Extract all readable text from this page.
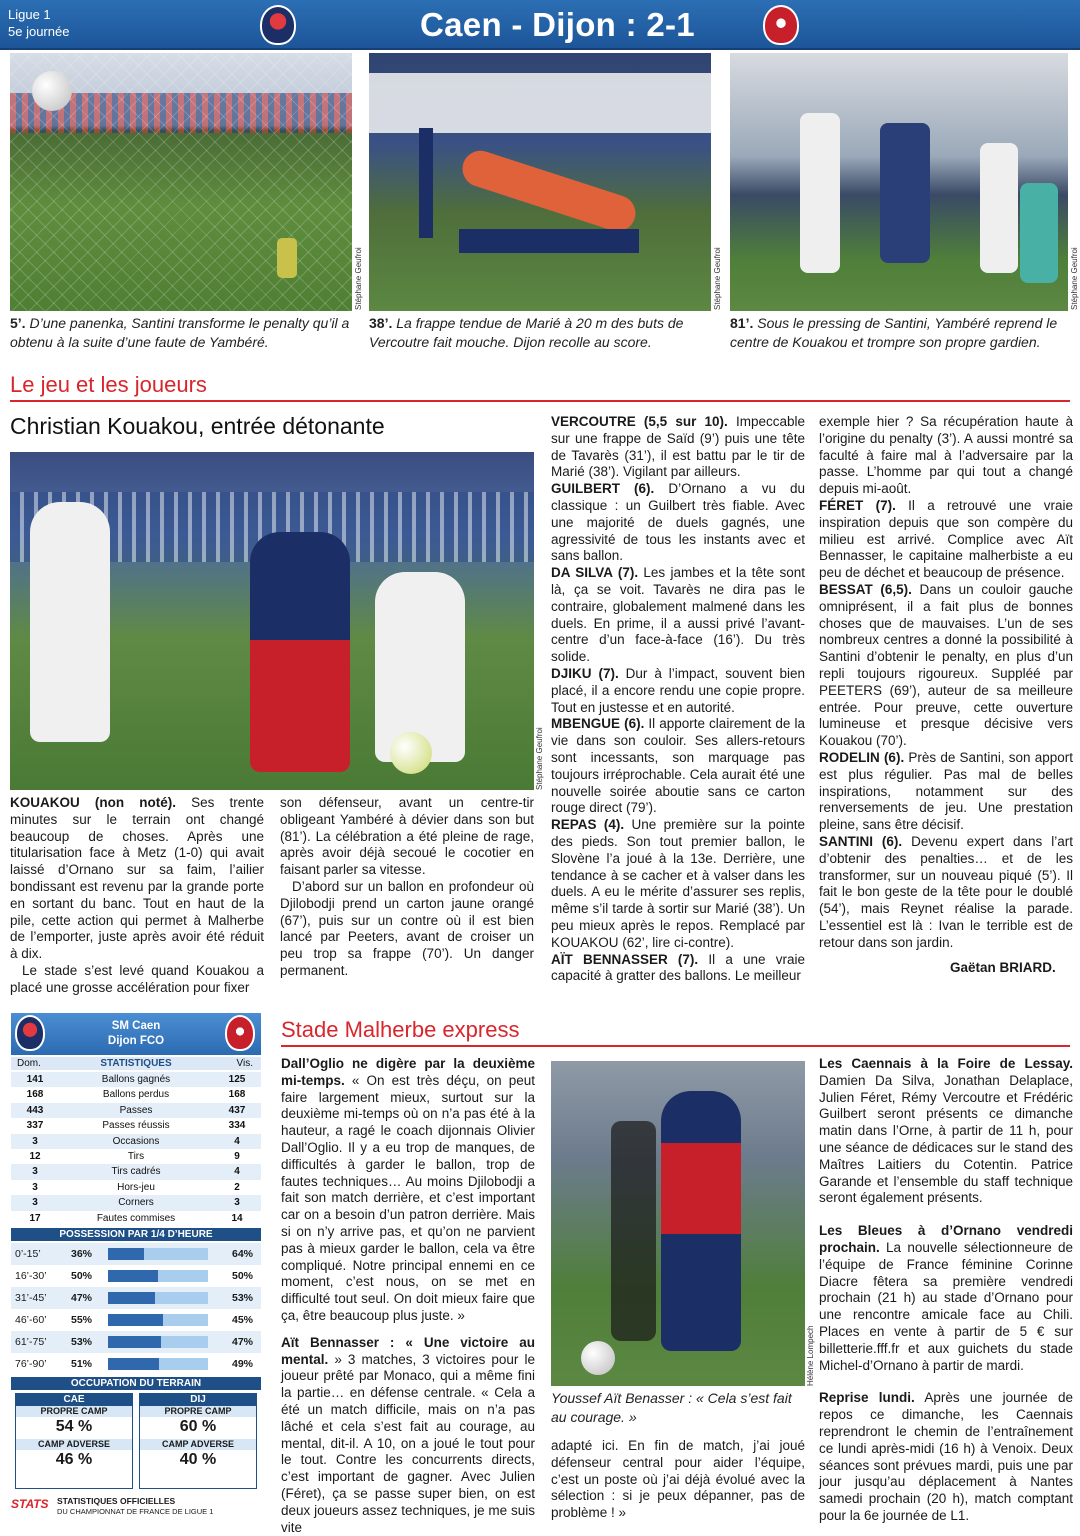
Ligue 1
5e journée	Caen - Dijon : 2-1
Stéphane Geufroi	Stéphane Geufroi	Stéphane Geufroi
5’. D’une panenka, Santini transforme le penalty qu’il a obtenu à la suite d’une faute de Yambéré.
38’. La frappe tendue de Marié à 20 m des buts de Vercoutre fait mouche. Dijon recolle au score.
81’. Sous le pressing de Santini, Yambéré reprend le centre de Kouakou et trompre son propre gardien.
Le jeu et les joueurs
Christian Kouakou, entrée détonante
Stéphane Geufroi

KOUAKOU (non noté). Ses trente minutes sur le terrain ont changé beaucoup de choses. Après une titularisation face à Metz (1-0) qui avait laissé d’Ornano sur sa faim, l’ailier bondissant est revenu par la grande porte en sortant du banc. Tout en haut de la pile, cette action qui permet à Malherbe de l’emporter, juste après avoir été réduit à dix.

Le stade s’est levé quand Kouakou a placé une grosse accélération pour fixer

son défenseur, avant un centre-tir obligeant Yambéré à dévier dans son but (81’). La célébration a été pleine de rage, après avoir déjà secoué le cocotier en faisant parler sa vitesse.

D’abord sur un ballon en profondeur où Djilobodji prend un carton jaune orangé (67’), puis sur un contre où il est bien lancé par Peeters, avant de croiser un peu trop sa frappe (70’). Un danger permanent.

VERCOUTRE (5,5 sur 10). Impeccable sur une frappe de Saïd (9’) puis une tête de Tavarès (31’), il est battu par le tir de Marié (38’). Vigilant par ailleurs.

GUILBERT (6). D’Ornano a vu du classique : un Guilbert très fiable. Avec une majorité de duels gagnés, une agressivité de tous les instants avec et sans ballon.

DA SILVA (7). Les jambes et la tête sont là, ça se voit. Tavarès ne dira pas le contraire, globalement malmené dans les duels. En prime, il a aussi privé l’avant-centre d’un face-à-face (16’). Du très solide.

DJIKU (7). Dur à l’impact, souvent bien placé, il a encore rendu une copie propre. Tout en justesse et en autorité.

MBENGUE (6). Il apporte clairement de la vie dans son couloir. Ses allers-retours sont incessants, son marquage pas toujours irréprochable. Cela aurait été une nouvelle soirée aboutie sans ce carton rouge direct (79’).

REPAS (4). Une première sur la pointe des pieds. Son tout premier ballon, le Slovène l’a joué à la 13e. Derrière, une tendance à se cacher et à valser dans les duels. A eu le mérite d’assurer ses replis, même s’il tarde à sortir sur Marié (38’). Un peu mieux après le repos. Remplacé par KOUAKOU (62’, lire ci-contre).

AÏT BENNASSER (7). Il a une vraie capacité à gratter des ballons. Le meilleur

exemple hier ? Sa récupération haute à l’origine du penalty (3’). A aussi montré sa faculté à faire mal à l’adversaire par la passe. L’homme par qui tout a changé depuis mi-août.

FÉRET (7). Il a retrouvé une vraie inspiration depuis que son compère du milieu est arrivé. Complice avec Aït Bennasser, le capitaine malherbiste a eu peu de déchet et beaucoup de présence.

BESSAT (6,5). Dans un couloir gauche omniprésent, il a fait plus de bonnes choses que de mauvaises. L’un de ses nombreux centres a donné la possibilité à Santini d’obtenir le penalty, en plus d’un repli toujours rigoureux. Suppléé par PEETERS (69’), auteur de sa meilleure entrée. Pour preuve, cette ouverture lumineuse et presque décisive vers Kouakou (70’).

RODELIN (6). Près de Santini, son apport est plus régulier. Pas mal de belles inspirations, notamment sur des renversements de jeu. Une prestation pleine, sans être décisif.

SANTINI (6). Devenu expert dans l’art d’obtenir des penalties… et de les transformer, sur un nouveau piqué (5’). Il fait le bon geste de la tête pour le doublé (54’), mais Reynet réalise la parade. L’essentiel est là : Ivan le terrible est de retour dans son jardin.

Gaëtan BRIARD.
SM Caen
Dijon FCO
Dom.	STATISTIQUES	Vis.
141	Ballons gagnés	125
168	Ballons perdus	168
443	Passes	437
337	Passes réussis	334
3	Occasions	4
12	Tirs	9
3	Tirs cadrés	4
3	Hors-jeu	2
3	Corners	3
17	Fautes commises	14
POSSESSION PAR 1/4 D’HEURE
0’-15’	36%	64%
16’-30’ 50%	50%
31’-45’ 47%	53%
46’-60’ 55%	45%
61’-75’ 53%	47%
76’-90’ 51%	49%
OCCUPATION DU TERRAIN
CAE
PROPRE CAMP
54 %
CAMP ADVERSE
46 %
DIJ
PROPRE CAMP
60 %
CAMP ADVERSE
40 %
STATS STATISTIQUES OFFICIELLES
DU CHAMPIONNAT DE FRANCE DE LIGUE 1
Stade Malherbe express

Dall’Oglio ne digère par la deuxième mi-temps. « On est très déçu, on peut faire largement mieux, surtout sur la deuxième mi-temps où on n’a pas été à la hauteur, a ragé le coach dijonnais Olivier Dall’Oglio. Il y a eu trop de manques, de difficultés à garder le ballon, trop de fautes techniques… Au moins Djilobodji a fait son match derrière, et c’est important car on a besoin d’un patron derrière. Mais si on n’y arrive pas, et qu’on ne parvient pas à mieux garder le ballon, cela va être compliqué. Notre principal ennemi en ce moment, c’est nous, on se met en difficulté tout seul. On doit mieux faire que ça, être beaucoup plus juste. »

Aït Bennasser : « Une victoire au mental. » 3 matches, 3 victoires pour le joueur prêté par Monaco, qui a même fini la partie… en défense centrale. « Cela a été un match difficile, mais on n’a pas lâché et cela s’est fait au courage, au mental, dit-il. A 10, on a joué le tout pour le tout. Contre les concurrents directs, c’est important de gagner. Avec Julien (Féret), ça se passe super bien, on est deux joueurs assez techniques, je me suis vite

Hélène Lompech
Youssef Aït Benasser : « Cela s’est fait au courage. »

adapté ici. En fin de match, j’ai joué défenseur central pour aider l’équipe, c’est un poste où j’ai déjà évolué avec la sélection : si je peux dépanner, pas de problème ! »

Les Caennais à la Foire de Lessay. Damien Da Silva, Jonathan Delaplace, Julien Féret, Rémy Vercoutre et Frédéric Guilbert seront présents ce dimanche matin dans l’Orne, à partir de 11 h, pour une séance de dédicaces sur le stand des Maîtres Laitiers du Cotentin. Patrice Garande et l’ensemble du staff technique seront également présents.

Les Bleues à d’Ornano vendredi prochain. La nouvelle sélectionneure de l’équipe de France féminine Corinne Diacre fêtera sa première vendredi prochain (21 h) au stade d’Ornano pour une rencontre amicale face au Chili. Places en vente à partir de 5 € sur billetterie.fff.fr et aux guichets du stade Michel-d’Ornano à partir de mardi.

Reprise lundi. Après une journée de repos ce dimanche, les Caennais reprendront le chemin de l’entraînement ce lundi après-midi (16 h) à Venoix. Deux séances sont prévues mardi, puis une par jour jusqu’au déplacement à Nantes samedi prochain (20 h), match comptant pour la 6e journée de L1.
